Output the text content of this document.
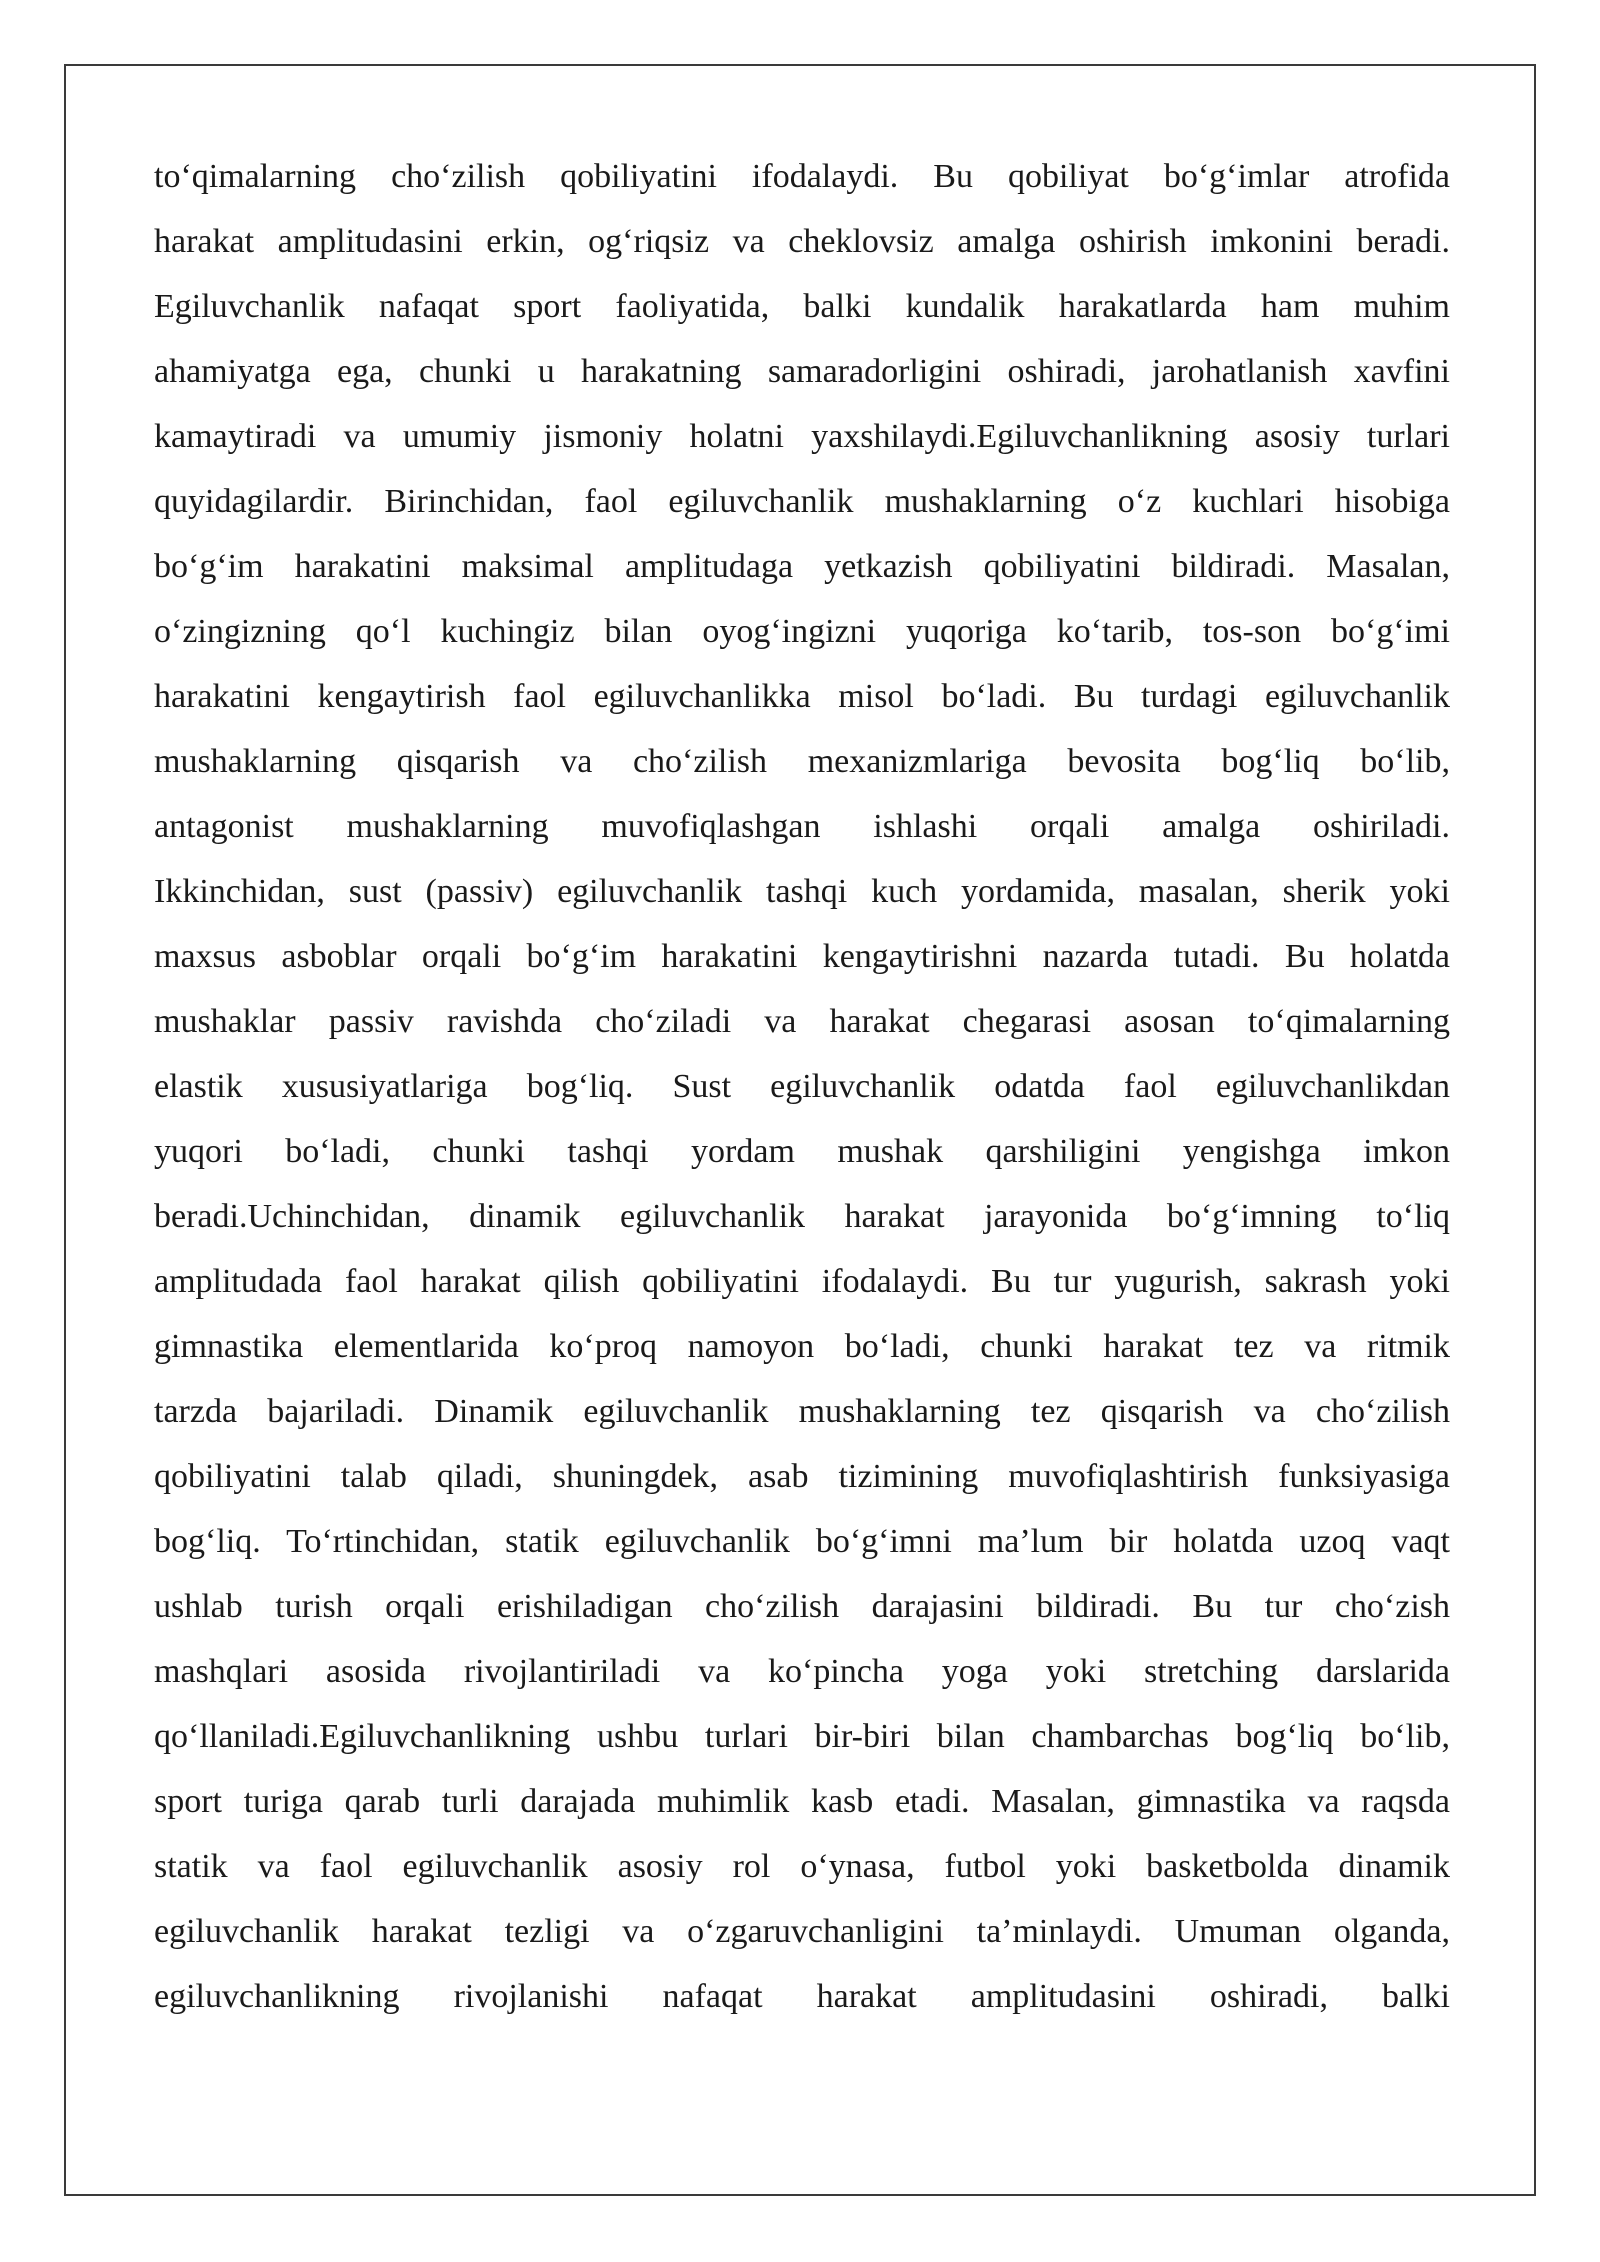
to‘qimalarning cho‘zilish qobiliyatini ifodalaydi. Bu qobiliyat bo‘g‘imlar atrofida
harakat amplitudasini erkin, og‘riqsiz va cheklovsiz amalga oshirish imkonini beradi.
Egiluvchanlik nafaqat sport faoliyatida, balki kundalik harakatlarda ham muhim
ahamiyatga ega, chunki u harakatning samaradorligini oshiradi, jarohatlanish xavfini
kamaytiradi va umumiy jismoniy holatni yaxshilaydi.Egiluvchanlikning asosiy turlari
quyidagilardir. Birinchidan, faol egiluvchanlik mushaklarning o‘z kuchlari hisobiga
bo‘g‘im harakatini maksimal amplitudaga yetkazish qobiliyatini bildiradi. Masalan,
o‘zingizning qo‘l kuchingiz bilan oyog‘ingizni yuqoriga ko‘tarib, tos-son bo‘g‘imi
harakatini kengaytirish faol egiluvchanlikka misol bo‘ladi. Bu turdagi egiluvchanlik
mushaklarning qisqarish va cho‘zilish mexanizmlariga bevosita bog‘liq bo‘lib,
antagonist mushaklarning muvofiqlashgan ishlashi orqali amalga oshiriladi.
Ikkinchidan, sust (passiv) egiluvchanlik tashqi kuch yordamida, masalan, sherik yoki
maxsus asboblar orqali bo‘g‘im harakatini kengaytirishni nazarda tutadi. Bu holatda
mushaklar passiv ravishda cho‘ziladi va harakat chegarasi asosan to‘qimalarning
elastik xususiyatlariga bog‘liq. Sust egiluvchanlik odatda faol egiluvchanlikdan
yuqori bo‘ladi, chunki tashqi yordam mushak qarshiligini yengishga imkon
beradi.Uchinchidan, dinamik egiluvchanlik harakat jarayonida bo‘g‘imning to‘liq
amplitudada faol harakat qilish qobiliyatini ifodalaydi. Bu tur yugurish, sakrash yoki
gimnastika elementlarida ko‘proq namoyon bo‘ladi, chunki harakat tez va ritmik
tarzda bajariladi. Dinamik egiluvchanlik mushaklarning tez qisqarish va cho‘zilish
qobiliyatini talab qiladi, shuningdek, asab tizimining muvofiqlashtirish funksiyasiga
bog‘liq. To‘rtinchidan, statik egiluvchanlik bo‘g‘imni ma’lum bir holatda uzoq vaqt
ushlab turish orqali erishiladigan cho‘zilish darajasini bildiradi. Bu tur cho‘zish
mashqlari asosida rivojlantiriladi va ko‘pincha yoga yoki stretching darslarida
qo‘llaniladi.Egiluvchanlikning ushbu turlari bir-biri bilan chambarchas bog‘liq bo‘lib,
sport turiga qarab turli darajada muhimlik kasb etadi. Masalan, gimnastika va raqsda
statik va faol egiluvchanlik asosiy rol o‘ynasa, futbol yoki basketbolda dinamik
egiluvchanlik harakat tezligi va o‘zgaruvchanligini ta’minlaydi. Umuman olganda,
egiluvchanlikning rivojlanishi nafaqat harakat amplitudasini oshiradi, balki
